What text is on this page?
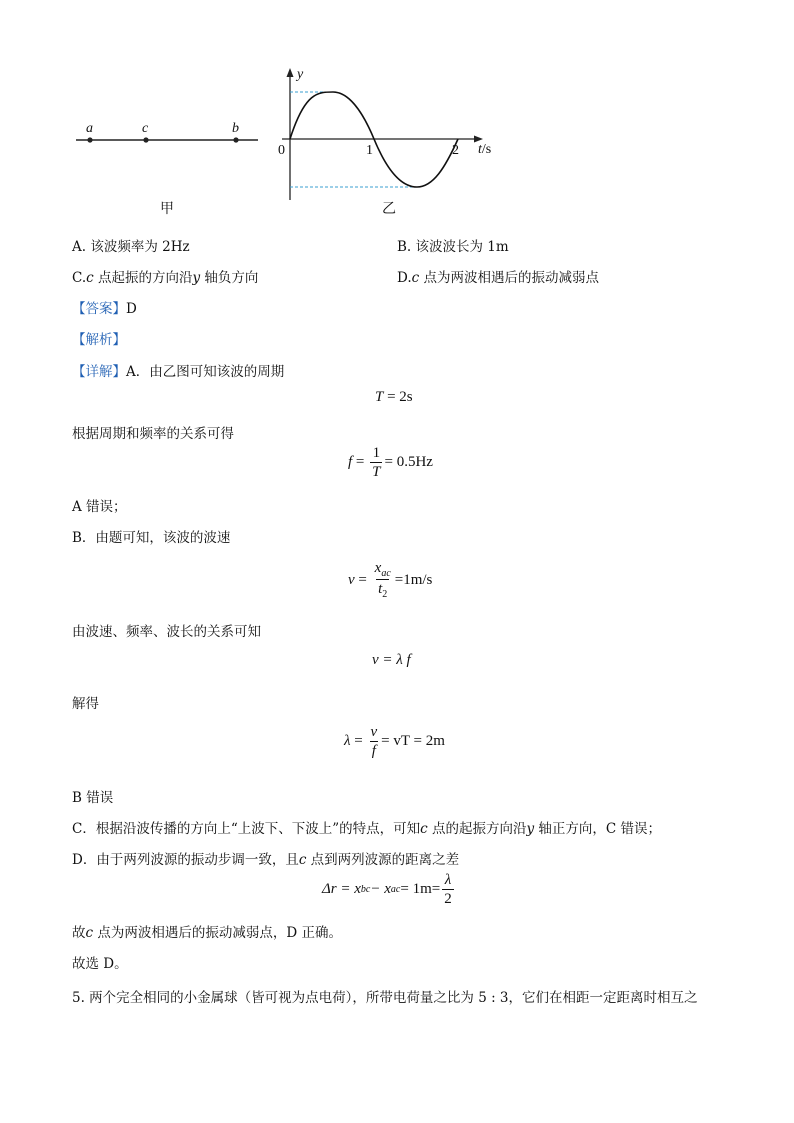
a	c	b
甲
y
0	1	2 t/s
乙
A. 该波频率为 2Hz	B. 该波波长为 1m
C.c 点起振的方向沿y 轴负方向	D.c 点为两波相遇后的振动减弱点
【答案】D
【解析】
【详解】A．由乙图可知该波的周期
T = 2s
根据周期和频率的关系可得
$f = \frac{1}{T} = 0.5Hz$
A 错误；
B．由题可知，该波的波速
$v = \frac{x_{ac}}{t_2} =1m/s$
由波速、频率、波长的关系可知
v = λ f
解得
$\lambda = \frac{v}{f}$ = vT = 2m
B 错误
C．根据沿波传播的方向上“上波下、下波上”的特点，可知c 点的起振方向沿y 轴正方向，C 错误；
D．由于两列波源的振动步调一致，且c 点到两列波源的距离之差
Δr = x bc − x ac = $1m= \frac{\lambda}{2}$
故c 点为两波相遇后的振动减弱点，D 正确。
故选 D。
5. 两个完全相同的小金属球（皆可视为点电荷），所带电荷量之比为 5 : 3，它们在相距一定距离时相互之
